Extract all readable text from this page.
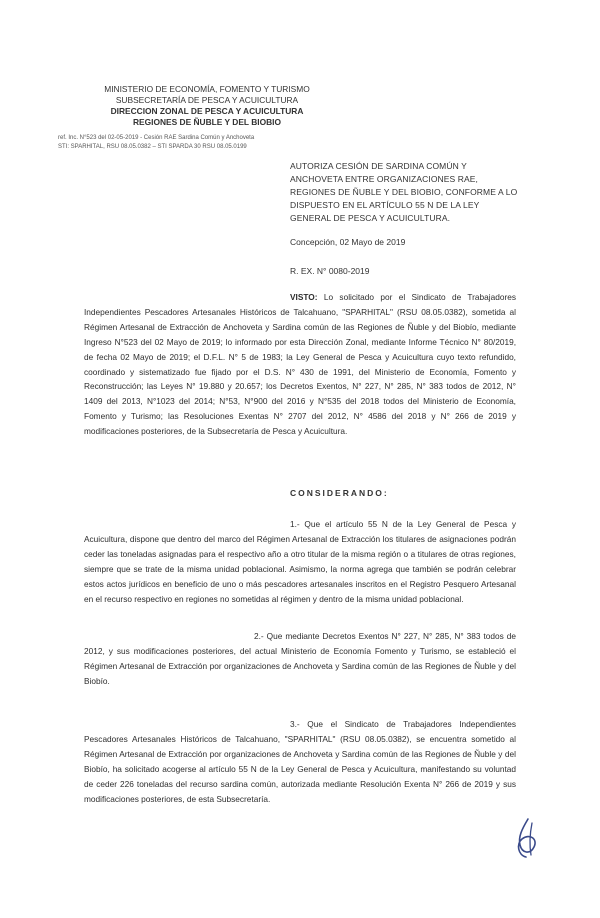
MINISTERIO DE ECONOMÍA, FOMENTO Y TURISMO
SUBSECRETARÍA DE PESCA Y ACUICULTURA
DIRECCION ZONAL DE PESCA Y ACUICULTURA
REGIONES DE ÑUBLE Y DEL BIOBIO
ref. Inc. N°523 del 02-05-2019 - Cesión RAE Sardina Común y Anchoveta
STI: SPARHITAL, RSU 08.05.0382 – STI SPARDA 30 RSU 08.05.0199
AUTORIZA CESIÓN DE SARDINA COMÚN Y ANCHOVETA ENTRE ORGANIZACIONES RAE, REGIONES DE ÑUBLE Y DEL BIOBIO, CONFORME A LO DISPUESTO EN EL ARTÍCULO 55 N DE LA LEY GENERAL DE PESCA Y ACUICULTURA.
Concepción, 02 Mayo de 2019
R. EX. N° 0080-2019
VISTO: Lo solicitado por el Sindicato de Trabajadores Independientes Pescadores Artesanales Históricos de Talcahuano, "SPARHITAL" (RSU 08.05.0382), sometida al Régimen Artesanal de Extracción de Anchoveta y Sardina común de las Regiones de Ñuble y del Biobío, mediante Ingreso N°523 del 02 Mayo de 2019; lo informado por esta Dirección Zonal, mediante Informe Técnico N° 80/2019, de fecha 02 Mayo de 2019; el D.F.L. N° 5 de 1983; la Ley General de Pesca y Acuicultura cuyo texto refundido, coordinado y sistematizado fue fijado por el D.S. N° 430 de 1991, del Ministerio de Economía, Fomento y Reconstrucción; las Leyes N° 19.880 y 20.657; los Decretos Exentos, N° 227, N° 285, N° 383 todos de 2012, N° 1409 del 2013, N°1023 del 2014; N°53, N°900 del 2016 y N°535 del 2018 todos del Ministerio de Economía, Fomento y Turismo; las Resoluciones Exentas N° 2707 del 2012, N° 4586 del 2018 y N° 266 de 2019 y modificaciones posteriores, de la Subsecretaría de Pesca y Acuicultura.
CONSIDERANDO:
1.- Que el artículo 55 N de la Ley General de Pesca y Acuicultura, dispone que dentro del marco del Régimen Artesanal de Extracción los titulares de asignaciones podrán ceder las toneladas asignadas para el respectivo año a otro titular de la misma región o a titulares de otras regiones, siempre que se trate de la misma unidad poblacional. Asimismo, la norma agrega que también se podrán celebrar estos actos jurídicos en beneficio de uno o más pescadores artesanales inscritos en el Registro Pesquero Artesanal en el recurso respectivo en regiones no sometidas al régimen y dentro de la misma unidad poblacional.
2.- Que mediante Decretos Exentos N° 227, N° 285, N° 383 todos de 2012, y sus modificaciones posteriores, del actual Ministerio de Economía Fomento y Turismo, se estableció el Régimen Artesanal de Extracción por organizaciones de Anchoveta y Sardina común de las Regiones de Ñuble y del Biobío.
3.- Que el Sindicato de Trabajadores Independientes Pescadores Artesanales Históricos de Talcahuano, "SPARHITAL" (RSU 08.05.0382), se encuentra sometido al Régimen Artesanal de Extracción por organizaciones de Anchoveta y Sardina común de las Regiones de Ñuble y del Biobío, ha solicitado acogerse al artículo 55 N de la Ley General de Pesca y Acuicultura, manifestando su voluntad de ceder 226 toneladas del recurso sardina común, autorizada mediante Resolución Exenta N° 266 de 2019 y sus modificaciones posteriores, de esta Subsecretaría.
